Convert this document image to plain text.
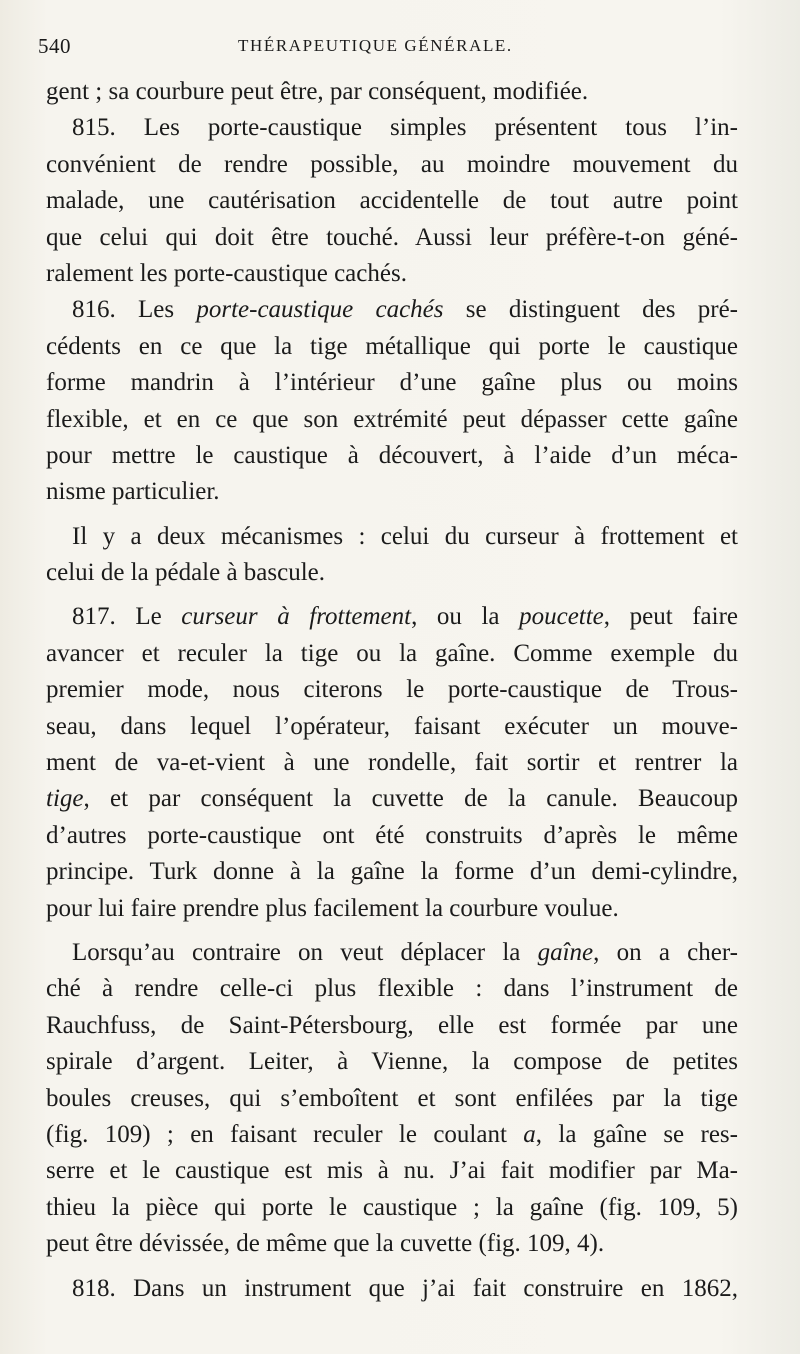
540	THÉRAPEUTIQUE GÉNÉRALE.
gent ; sa courbure peut être, par conséquent, modifiée.
815. Les porte-caustique simples présentent tous l’in-
convénient de rendre possible, au moindre mouvement du
malade, une cautérisation accidentelle de tout autre point
que celui qui doit être touché. Aussi leur préfère-t-on géné-
ralement les porte-caustique cachés.
816. Les porte-caustique cachés se distinguent des pré-
cédents en ce que la tige métallique qui porte le caustique
forme mandrin à l’intérieur d’une gaîne plus ou moins
flexible, et en ce que son extrémité peut dépasser cette gaîne
pour mettre le caustique à découvert, à l’aide d’un méca-
nisme particulier.
Il y a deux mécanismes : celui du curseur à frottement et
celui de la pédale à bascule.
817. Le curseur à frottement, ou la poucette, peut faire
avancer et reculer la tige ou la gaîne. Comme exemple du
premier mode, nous citerons le porte-caustique de Trous-
seau, dans lequel l’opérateur, faisant exécuter un mouve-
ment de va-et-vient à une rondelle, fait sortir et rentrer la
tige, et par conséquent la cuvette de la canule. Beaucoup
d’autres porte-caustique ont été construits d’après le même
principe. Turk donne à la gaîne la forme d’un demi-cylindre,
pour lui faire prendre plus facilement la courbure voulue.
Lorsqu’au contraire on veut déplacer la gaîne, on a cher-
ché à rendre celle-ci plus flexible : dans l’instrument de
Rauchfuss, de Saint-Pétersbourg, elle est formée par une
spirale d’argent. Leiter, à Vienne, la compose de petites
boules creuses, qui s’emboîtent et sont enfilées par la tige
(fig. 109) ; en faisant reculer le coulant a, la gaîne se res-
serre et le caustique est mis à nu. J’ai fait modifier par Ma-
thieu la pièce qui porte le caustique ; la gaîne (fig. 109, 5)
peut être dévissée, de même que la cuvette (fig. 109, 4).
818. Dans un instrument que j’ai fait construire en 1862,
